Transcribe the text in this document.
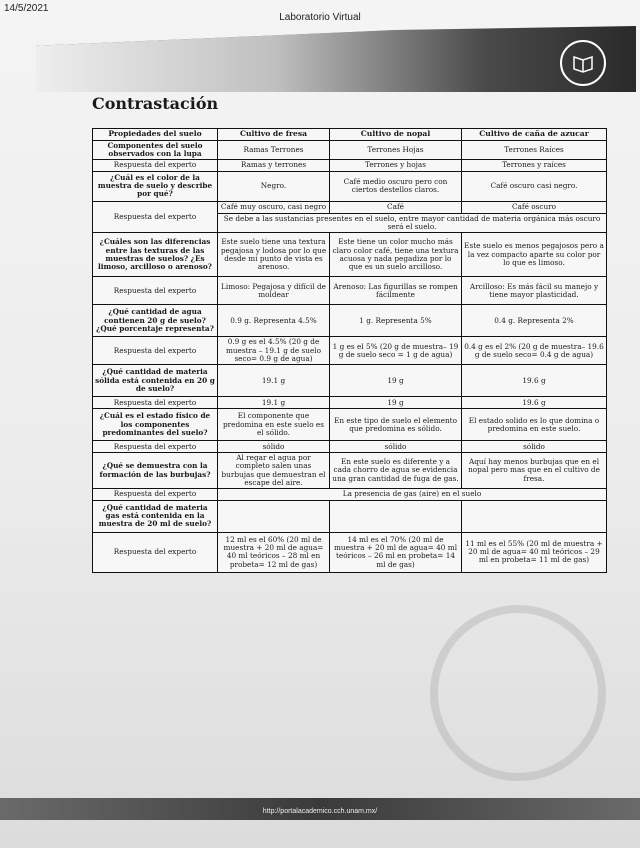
14/5/2021
Laboratorio Virtual
Contrastación
Propiedades del suelo	Cultivo de fresa	Cultivo de nopal	Cultivo de caña de azucar
Componentes del suelo observados con la lupa	Ramas Terrones	Terrones Hojas	Terrones Raíces
Respuesta del experto	Ramas y terrones	Terrones y hojas	Terrones y raíces
¿Cuál es el color de la muestra de suelo y describe por qué?	Negro.	Café medio oscuro pero con ciertos destellos claros.	Café oscuro casi negro.
Respuesta del experto	Café muy oscuro, casi negro	Café	Café oscuro
	Se debe a las sustancias presentes en el suelo, entre mayor cantidad de materia orgánica más oscuro será el suelo.		
¿Cuáles son las diferencias entre las texturas de las muestras de suelos? ¿Es limoso, arcilloso o arenoso?	Este suelo tiene una textura pegajosa y lodosa por lo que desde mi punto de vista es arenoso.	Este tiene un color mucho más claro color café, tiene una textura acuosa y nada pegadiza por lo que es un suelo arcilloso.	Este suelo es menos pegajosos pero a la vez compacto aparte su color por lo que es limoso.
Respuesta del experto	Limoso: Pegajosa y difícil de moldear	Arenoso: Las figurillas se rompen fácilmente	Arcilloso: Es más fácil su manejo y tiene mayor plasticidad.
¿Qué cantidad de agua contienen 20 g de suelo? ¿Qué porcentaje representa?	0.9 g. Representa 4.5%	1 g. Representa 5%	0.4 g. Representa 2%
Respuesta del experto	0.9 g es el 4.5% (20 g de muestra – 19.1 g de suelo seco= 0.9 g de agua)	1 g es el 5% (20 g de muestra– 19 g de suelo seco = 1 g de agua)	0.4 g es el 2% (20 g de muestra– 19.6 g de suelo seco= 0.4 g de agua)
¿Qué cantidad de materia sólida está contenida en 20 g de suelo?	19.1 g	19 g	19.6 g
Respuesta del experto	19.1 g	19 g	19.6 g
¿Cuál es el estado físico de los componentes predominantes del suelo?	El componente que predomina en este suelo es el sólido.	En este tipo de suelo el elemento que predomina es sólido.	El estado solido es lo que domina o predomina en este suelo.
Respuesta del experto	sólido	sólido	sólido
¿Qué se demuestra con la formación de las burbujas?	Al regar el agua por completo salen unas burbujas que demuestran el escape del aire.	En este suelo es diferente y a cada chorro de agua se evidencia una gran cantidad de fuga de gas.	Aquí hay menos burbujas que en el nopal pero mas que en el cultivo de fresa.
Respuesta del experto	La presencia de gas (aire) en el suelo		
¿Qué cantidad de materia gas está contenida en la muestra de 20 ml de suelo?			
Respuesta del experto	12 ml es el 60% (20 ml de muestra + 20 ml de agua= 40 ml teóricos – 28 ml en probeta= 12 ml de gas)	14 ml es el 70% (20 ml de muestra + 20 ml de agua= 40 ml teóricos – 26 ml en probeta= 14 ml de gas)	11 ml es el 55% (20 ml de muestra + 20 ml de agua= 40 ml teóricos – 29 ml en probeta= 11 ml de gas)
http://portalacademico.cch.unam.mx/
